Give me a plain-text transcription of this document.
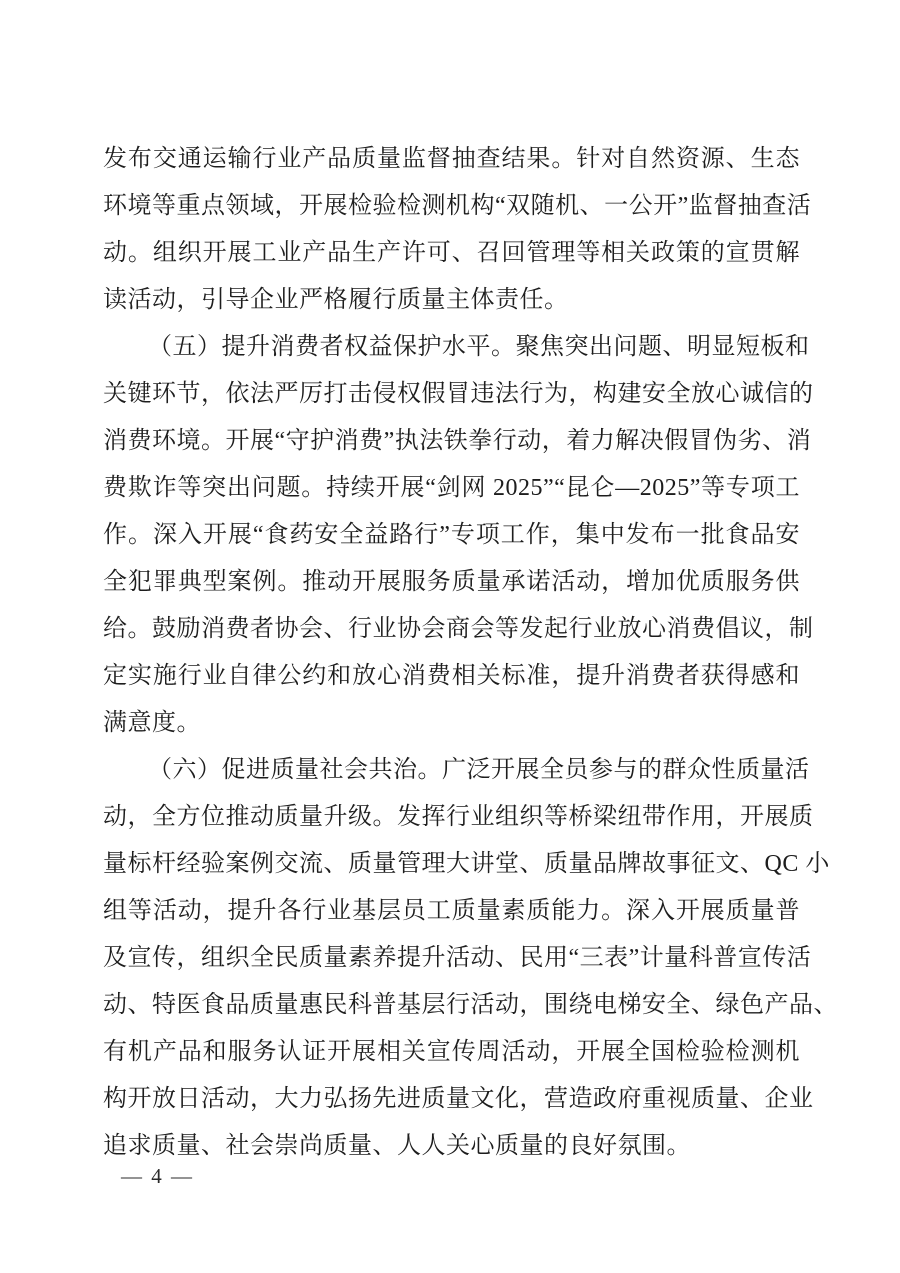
发布交通运输行业产品质量监督抽查结果。针对自然资源、生态
环境等重点领域，开展检验检测机构“双随机、一公开”监督抽查活
动。组织开展工业产品生产许可、召回管理等相关政策的宣贯解
读活动，引导企业严格履行质量主体责任。
（五）提升消费者权益保护水平。聚焦突出问题、明显短板和
关键环节，依法严厉打击侵权假冒违法行为，构建安全放心诚信的
消费环境。开展“守护消费”执法铁拳行动，着力解决假冒伪劣、消
费欺诈等突出问题。持续开展“剑网 2025”“昆仑—2025”等专项工
作。深入开展“食药安全益路行”专项工作，集中发布一批食品安
全犯罪典型案例。推动开展服务质量承诺活动，增加优质服务供
给。鼓励消费者协会、行业协会商会等发起行业放心消费倡议，制
定实施行业自律公约和放心消费相关标准，提升消费者获得感和
满意度。
（六）促进质量社会共治。广泛开展全员参与的群众性质量活
动，全方位推动质量升级。发挥行业组织等桥梁纽带作用，开展质
量标杆经验案例交流、质量管理大讲堂、质量品牌故事征文、QC 小
组等活动，提升各行业基层员工质量素质能力。深入开展质量普
及宣传，组织全民质量素养提升活动、民用“三表”计量科普宣传活
动、特医食品质量惠民科普基层行活动，围绕电梯安全、绿色产品、
有机产品和服务认证开展相关宣传周活动，开展全国检验检测机
构开放日活动，大力弘扬先进质量文化，营造政府重视质量、企业
追求质量、社会崇尚质量、人人关心质量的良好氛围。
— 4 —
